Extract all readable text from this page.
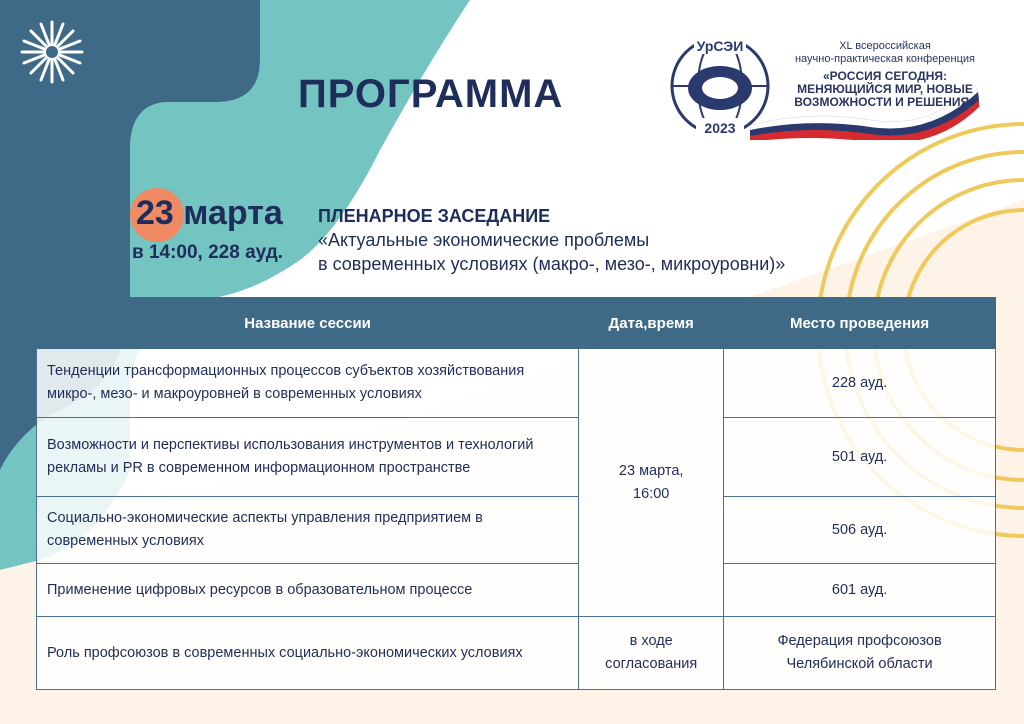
ПРОГРАММА
23 марта
в 14:00, 228 ауд.
ПЛЕНАРНОЕ ЗАСЕДАНИЕ
«Актуальные экономические проблемы
в современных условиях (макро-, мезо-, микроуровни)»
УрСЭИ
2023
XL всероссийская
научно-практическая конференция
«РОССИЯ СЕГОДНЯ:
МЕНЯЮЩИЙСЯ МИР, НОВЫЕ
ВОЗМОЖНОСТИ И РЕШЕНИЯ»
Название сессии	Дата,время	Место проведения
Тенденции трансформационных процессов субъектов хозяйствования микро-, мезо- и макроуровней в современных условиях	23 марта, 16:00	228 ауд.
Возможности и перспективы использования инструментов и технологий рекламы и PR в современном информационном пространстве		501 ауд.
Социально-экономические аспекты управления предприятием в современных условиях		506 ауд.
Применение цифровых ресурсов в образовательном процессе		601 ауд.
Роль профсоюзов в современных социально-экономических условиях	в ходе согласования	Федерация профсоюзов Челябинской области
